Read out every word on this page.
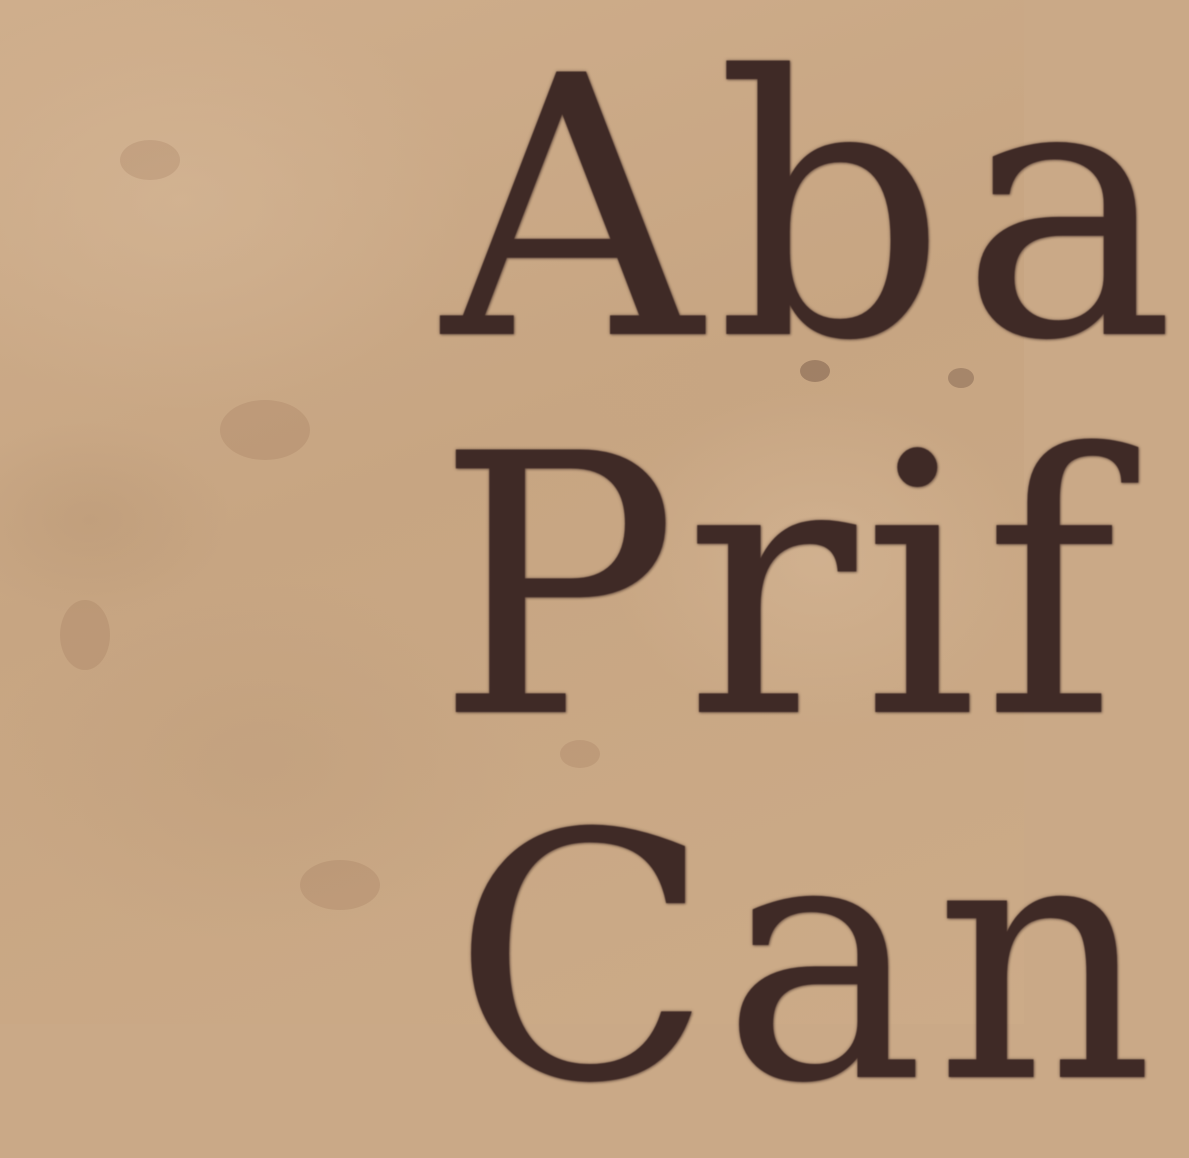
Aba
Prif
Can
